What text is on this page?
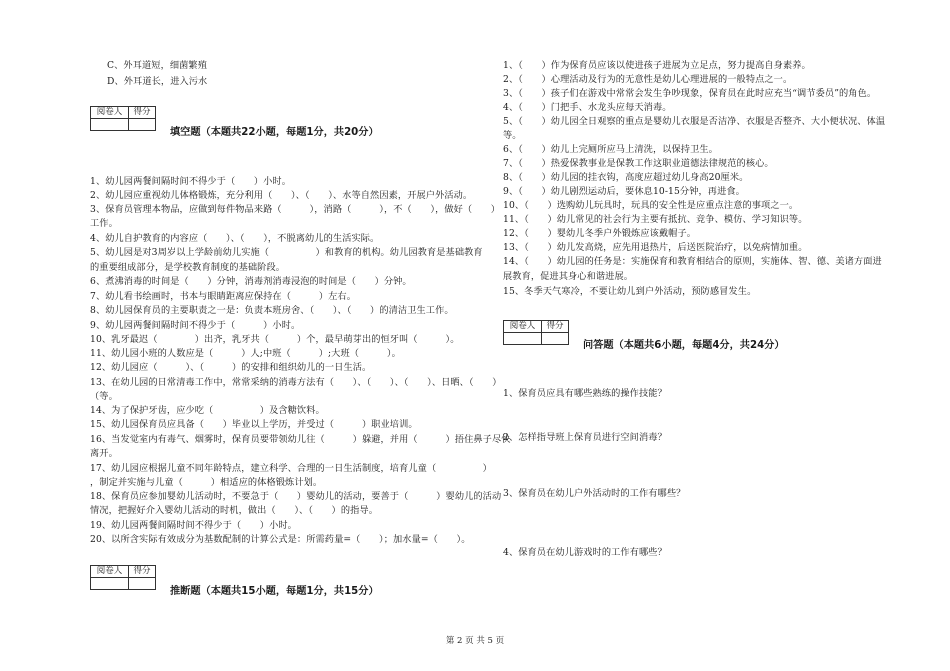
C、外耳道短，细菌繁殖
D、外耳道长，进入污水
阅卷人	得分
填空题（本题共22小题，每题1分，共20分）
1、幼儿园两餐间隔时间不得少于（　　）小时。
2、幼儿园应重视幼儿体格锻炼，充分利用（　　）、（　　）、水等自然因素，开展户外活动。
3、保育员管理本物品，应做到每件物品来路（　　　），消路（　　　），不（　　），做好（　　）
工作。
4、幼儿自护教育的内容应（　　）、（　　），不脱离幼儿的生活实际。
5、幼儿园是对3周岁以上学龄前幼儿实施（　　　　　）和教育的机构。幼儿园教育是基础教育
的重要组成部分，是学校教育制度的基础阶段。
6、煮沸消毒的时间是（　　）分钟，消毒剂消毒浸泡的时间是（　　）分钟。
7、幼儿看书绘画时，书本与眼睛距离应保持在（　　　）左右。
8、幼儿园保育员的主要职责之一是：负责本班房舍、（　　）、（　　）的清洁卫生工作。
9、幼儿园两餐间隔时间不得少于（　　　）小时。
10、乳牙最迟（　　　　）出齐，乳牙共（　　　）个，最早萌芽出的恒牙叫（　　　）。
11、幼儿园小班的人数应是（　　　）人;中班（　　　）;大班（　　　）。
12、幼儿园应（　　　）、（　　　）的安排和组织幼儿的一日生活。
13、在幼儿园的日常清毒工作中，常常采纳的消毒方法有（　　）、（　　）、（　　）、日晒、（　　）
（等。
14、为了保护牙齿，应少吃（　　　　　）及含糖饮料。
15、幼儿园保育员应具备（　　）毕业以上学历，并受过（　　　）职业培训。
16、当发觉室内有毒气、烟雾时，保育员要带领幼儿往（　　　）躲避，并用（　　　）捂住鼻子尽快
离开。
17、幼儿园应根据儿童不同年龄特点，建立科学、合理的一日生活制度，培育儿童（　　　　　）
，制定并实施与儿童（　　　）相适应的体格锻炼计划。
18、保育员应参加婴幼儿活动时，不要急于（　　）婴幼儿的活动，要善于（　　　）婴幼儿的活动
情况，把握好介入婴幼儿活动的时机，做出（　　）、（　　）的指导。
19、幼儿园两餐间隔时间不得少于（　　）小时。
20、以所含实际有效成分为基数配制的计算公式是：所需药量=（　　）；加水量=（　　）。
阅卷人	得分
推断题（本题共15小题，每题1分，共15分）
1、（　　）作为保育员应该以使进孩子进展为立足点，努力提高自身素养。
2、（　　）心理活动及行为的无意性是幼儿心理进展的一般特点之一。
3、（　　）孩子们在游戏中常常会发生争吵现象，保育员在此时应充当“调节委员”的角色。
4、（　　）门把手、水龙头应每天消毒。
5、（　　）幼儿园全日观察的重点是婴幼儿衣服是否洁净、衣服是否整齐、大小便状况、体温
等。
6、（　　）幼儿上完厕所应马上清洗，以保持卫生。
7、（　　）热爱保教事业是保教工作这职业道德法律规范的核心。
8、（　　）幼儿园的挂衣钩，高度应超过幼儿身高20厘米。
9、（　　）幼儿剧烈运动后，要休息10-15分钟，再进食。
10、（　　）选购幼儿玩具时，玩具的安全性是应重点注意的事项之一。
11、（　　）幼儿常见的社会行为主要有抵抗、竞争、模仿、学习知识等。
12、（　　）婴幼儿冬季户外锻炼应该戴帽子。
13、（　　）幼儿发高烧，应先用退热片，后送医院治疗，以免病情加重。
14、（　　）幼儿园的任务是：实施保育和教育相结合的原则，实施体、智、德、美诸方面进
展教育，促进其身心和谐进展。
15、冬季天气寒冷，不要让幼儿到户外活动，预防感冒发生。
阅卷人	得分
问答题（本题共6小题，每题4分，共24分）
1、保育员应具有哪些熟练的操作技能？
2、怎样指导班上保育员进行空间消毒？
3、保育员在幼儿户外活动时的工作有哪些？
4、保育员在幼儿游戏时的工作有哪些？
第 2 页 共 5 页
